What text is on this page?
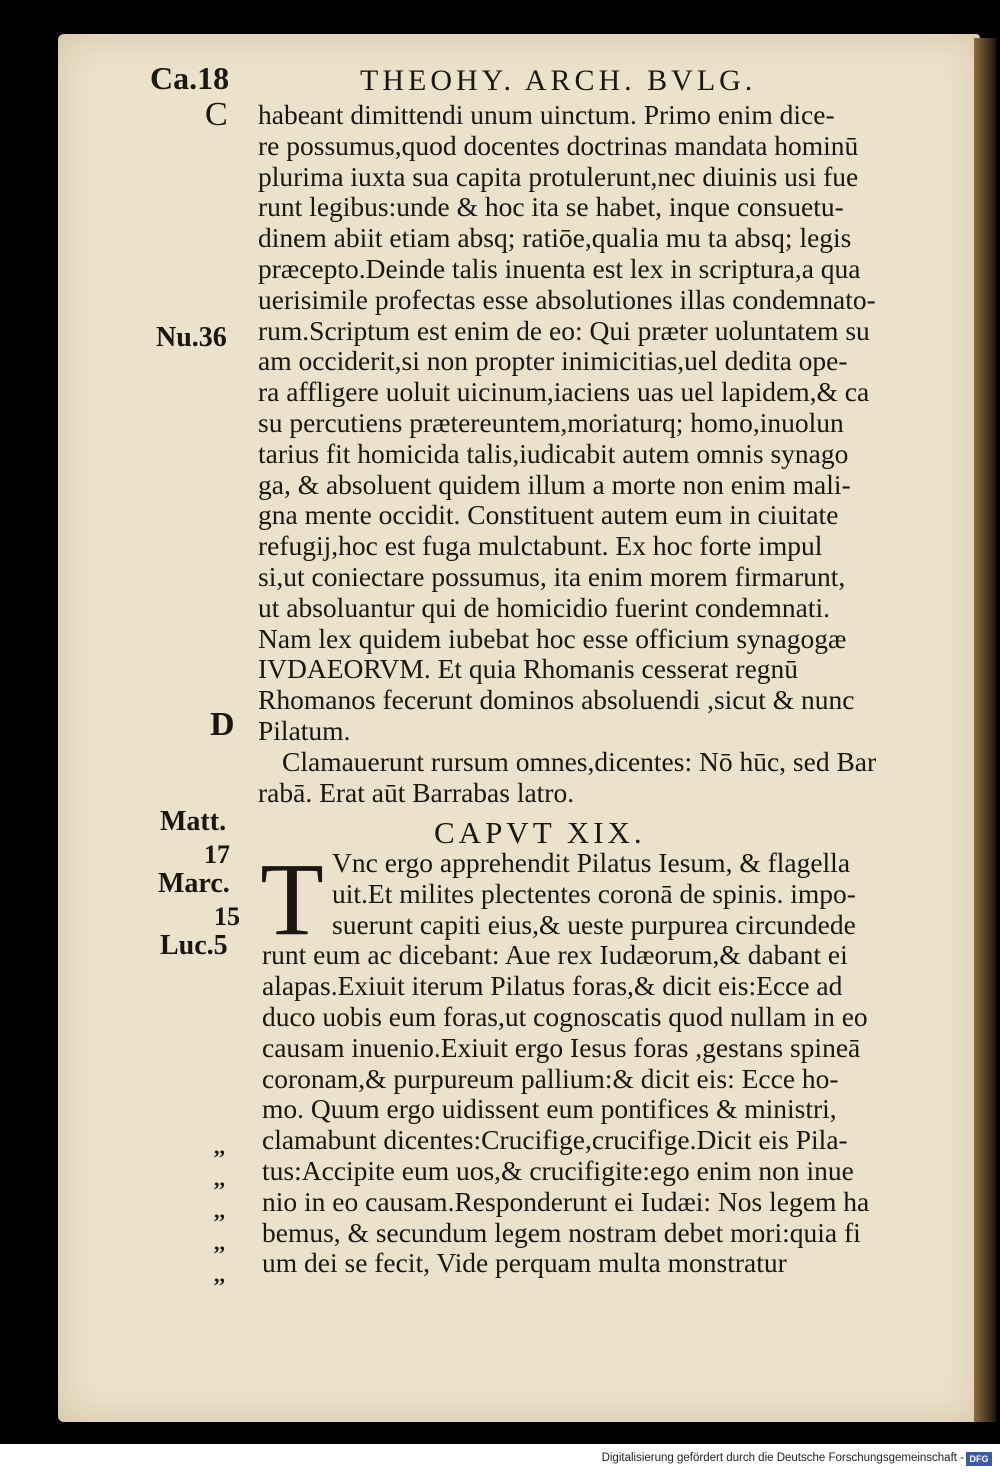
Ca.18	THEOHY. ARCH. BVLG.
C
Nu.36
D
Matt.
17
Marc.
15
Luc.5
,,
,,
,,
,,
,,
habeant dimittendi unum uinctum. Primo enim dice-
re possumus,quod docentes doctrinas mandata hominū
plurima iuxta sua capita protulerunt,nec diuinis usi fue
runt legibus:unde & hoc ita se habet, inque consuetu-
dinem abiit etiam absq; ratiōe,qualia mu ta absq; legis
præcepto.Deinde talis inuenta est lex in scriptura,a qua
uerisimile profectas esse absolutiones illas condemnato-
rum.Scriptum est enim de eo: Qui præter uoluntatem su
am occiderit,si non propter inimicitias,uel dedita ope-
ra affligere uoluit uicinum,iaciens uas uel lapidem,& ca
su percutiens prætereuntem,moriaturq; homo,inuolun
tarius fit homicida talis,iudicabit autem omnis synago
ga, & absoluent quidem illum a morte non enim mali-
gna mente occidit. Constituent autem eum in ciuitate
refugij,hoc est fuga mulctabunt. Ex hoc forte impul
si,ut coniectare possumus, ita enim morem firmarunt,
ut absoluantur qui de homicidio fuerint condemnati.
Nam lex quidem iubebat hoc esse officium synagogæ
IVDAEORVM. Et quia Rhomanis cesserat regnū
Rhomanos fecerunt dominos absoluendi ,sicut & nunc
Pilatum.
Clamauerunt rursum omnes,dicentes: Nō hūc, sed Bar
rabā. Erat aūt Barrabas latro.
CAPVT XIX.
T Vnc ergo apprehendit Pilatus Iesum, & flagella
uit.Et milites plectentes coronā de spinis. impo-
suerunt capiti eius,& ueste purpurea circundede
runt eum ac dicebant: Aue rex Iudæorum,& dabant ei
alapas.Exiuit iterum Pilatus foras,& dicit eis:Ecce ad
duco uobis eum foras,ut cognoscatis quod nullam in eo
causam inuenio.Exiuit ergo Iesus foras ,gestans spineā
coronam,& purpureum pallium:& dicit eis: Ecce ho-
mo. Quum ergo uidissent eum pontifices & ministri,
clamabunt dicentes:Crucifige,crucifige.Dicit eis Pila-
tus:Accipite eum uos,& crucifigite:ego enim non inue
nio in eo causam.Responderunt ei Iudæi: Nos legem ha
bemus, & secundum legem nostram debet mori:quia fi
um dei se fecit, Vide perquam multa monstratur
Digitalisierung gefördert durch die Deutsche Forschungsgemeinschaft - DFG
